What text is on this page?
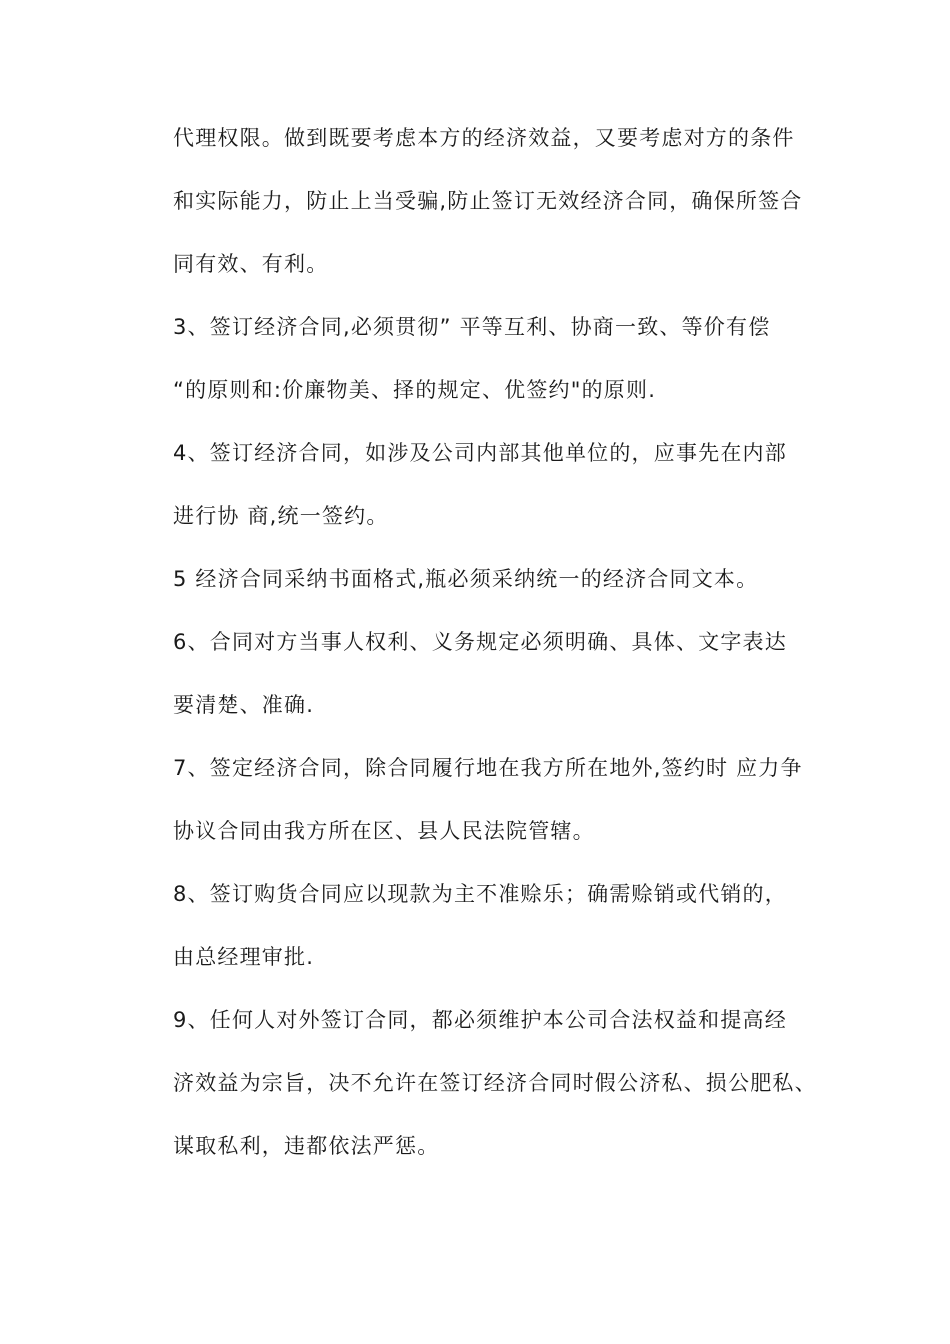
代理权限。做到既要考虑本方的经济效益，又要考虑对方的条件
和实际能力，防止上当受骗,防止签订无效经济合同，确保所签合
同有效、有利。
3、签订经济合同,必须贯彻” 平等互利、协商一致、等价有偿
“的原则和:价廉物美、择的规定、优签约"的原则.
4、签订经济合同，如涉及公司内部其他单位的，应事先在内部
进行协 商,统一签约。
5 经济合同采纳书面格式,瓶必须采纳统一的经济合同文本。
6、合同对方当事人权利、义务规定必须明确、具体、文字表达
要清楚、准确.
7、签定经济合同，除合同履行地在我方所在地外,签约时 应力争
协议合同由我方所在区、县人民法院管辖。
8、签订购货合同应以现款为主不准赊乐；确需赊销或代销的，
由总经理审批.
9、任何人对外签订合同，都必须维护本公司合法权益和提高经
济效益为宗旨，决不允许在签订经济合同时假公济私、损公肥私、
谋取私利，违都依法严惩。
